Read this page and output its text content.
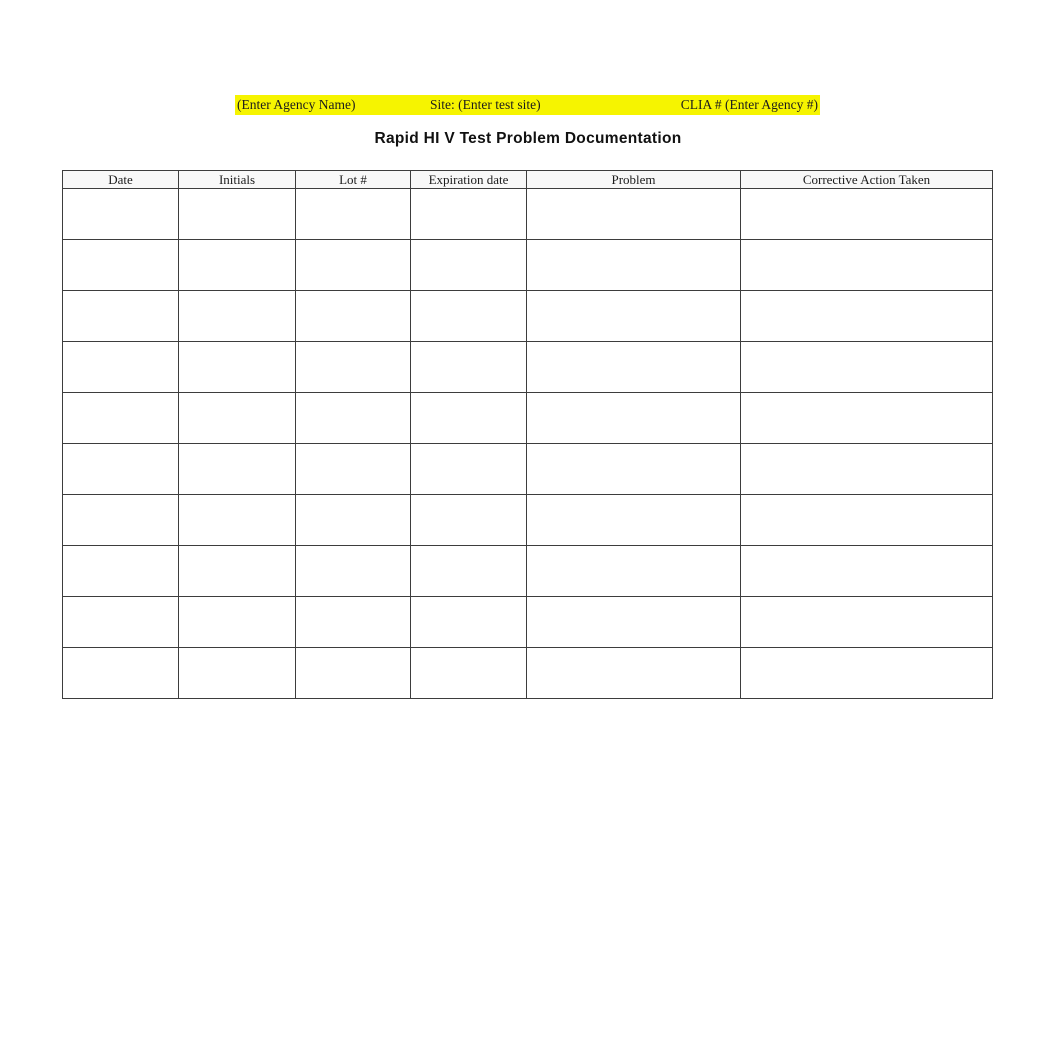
(Enter Agency Name)	Site: (Enter test site)	CLIA # (Enter Agency #)
Rapid HI V Test Problem Documentation
Date	Initials	Lot #	Expiration date	Problem	Corrective Action Taken
